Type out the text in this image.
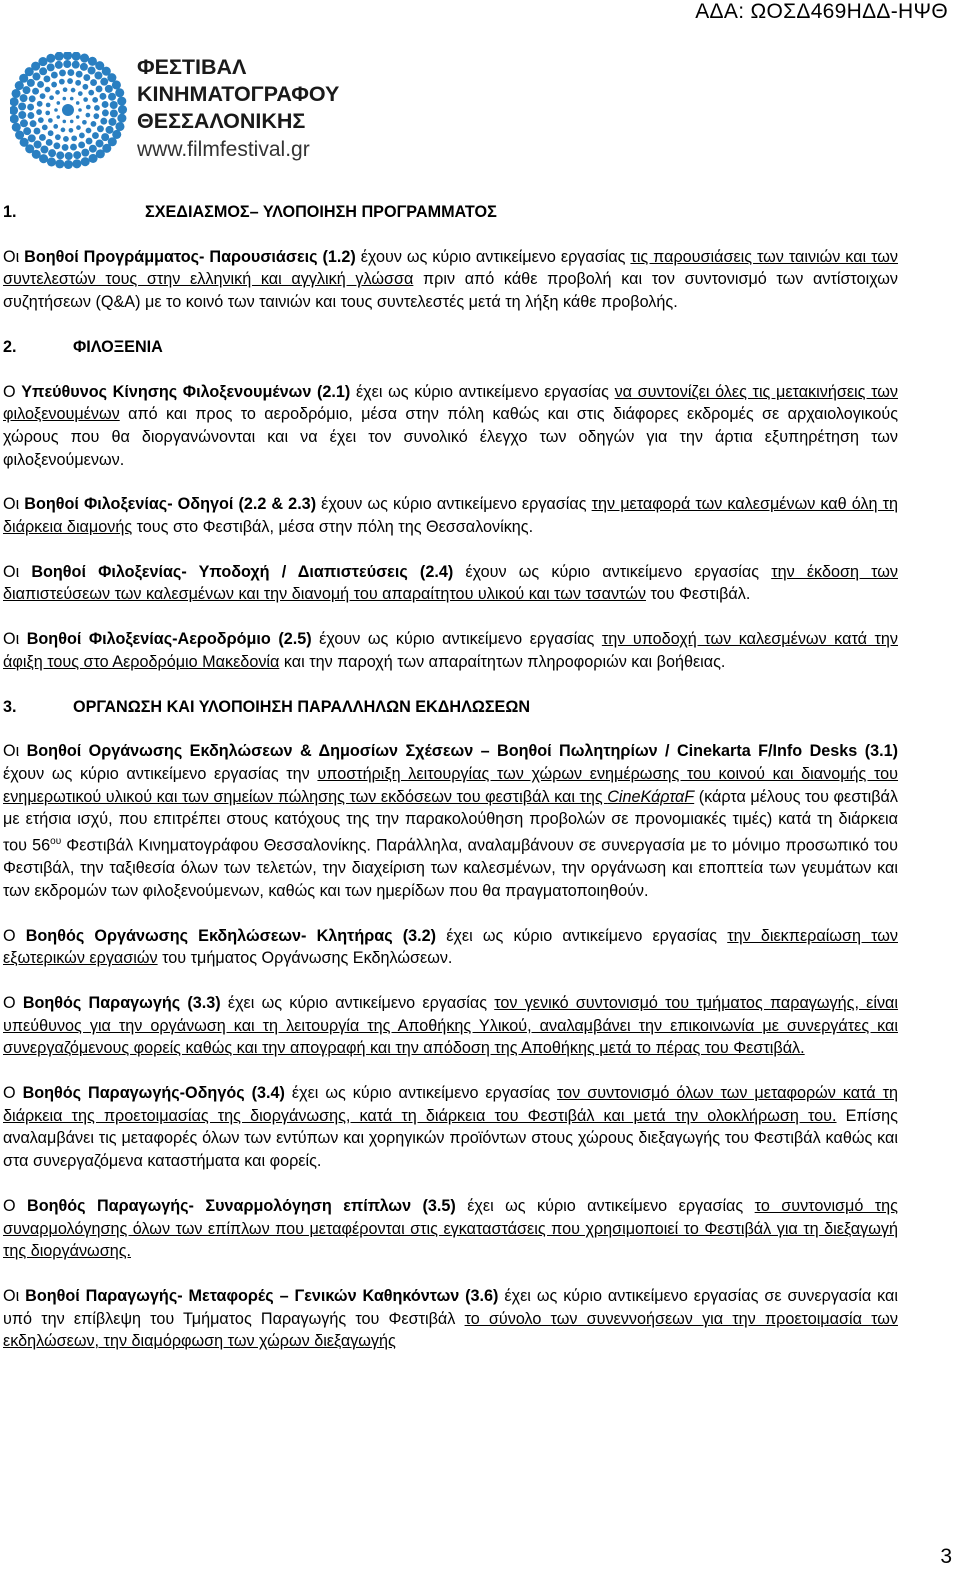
ΑΔΑ: ΩΟΣΔ469ΗΔΔ-ΗΨΘ
ΦΕΣΤΙΒΑΛ
ΚΙΝΗΜΑΤΟΓΡΑΦΟΥ
ΘΕΣΣΑΛΟΝΙΚΗΣ
www.filmfestival.gr
1.	ΣΧΕΔΙΑΣΜΟΣ– ΥΛΟΠΟΙΗΣΗ ΠΡΟΓΡΑΜΜΑΤΟΣ

Οι Βοηθοί Προγράμματος- Παρουσιάσεις (1.2) έχουν ως κύριο αντικείμενο εργασίας τις παρουσιάσεις των ταινιών και των συντελεστών τους στην ελληνική και αγγλική γλώσσα πριν από κάθε προβολή και τον συντονισμό των αντίστοιχων συζητήσεων (Q&A) με το κοινό των ταινιών και τους συντελεστές μετά τη λήξη κάθε προβολής.

2.	ΦΙΛΟΞΕΝΙΑ

Ο Υπεύθυνος Κίνησης Φιλοξενουμένων (2.1) έχει ως κύριο αντικείμενο εργασίας να συντονίζει όλες τις μετακινήσεις των φιλοξενουμένων από και προς το αεροδρόμιο, μέσα στην πόλη καθώς και στις διάφορες εκδρομές σε αρχαιολογικούς χώρους που θα διοργανώνονται και να έχει τον συνολικό έλεγχο των οδηγών για την άρτια εξυπηρέτηση των φιλοξενούμενων.

Οι Βοηθοί Φιλοξενίας- Οδηγοί (2.2 & 2.3) έχουν ως κύριο αντικείμενο εργασίας την μεταφορά των καλεσμένων καθ όλη τη διάρκεια διαμονής τους στο Φεστιβάλ, μέσα στην πόλη της Θεσσαλονίκης.

Οι Βοηθοί Φιλοξενίας- Υποδοχή / Διαπιστεύσεις (2.4) έχουν ως κύριο αντικείμενο εργασίας την έκδοση των διαπιστεύσεων των καλεσμένων και την διανομή του απαραίτητου υλικού και των τσαντών του Φεστιβάλ.

Οι Βοηθοί Φιλοξενίας-Αεροδρόμιο (2.5) έχουν ως κύριο αντικείμενο εργασίας την υποδοχή των καλεσμένων κατά την άφιξη τους στο Αεροδρόμιο Μακεδονία και την παροχή των απαραίτητων πληροφοριών και βοήθειας.

3.	ΟΡΓΑΝΩΣΗ ΚΑΙ ΥΛΟΠΟΙΗΣΗ ΠΑΡΑΛΛΗΛΩΝ ΕΚΔΗΛΩΣΕΩΝ

Οι Βοηθοί Οργάνωσης Εκδηλώσεων & Δημοσίων Σχέσεων – Βοηθοί Πωλητηρίων / Cinekarta F/Info Desks (3.1) έχουν ως κύριο αντικείμενο εργασίας την υποστήριξη λειτουργίας των χώρων ενημέρωσης του κοινού και διανομής του ενημερωτικού υλικού και των σημείων πώλησης των εκδόσεων του φεστιβάλ και της CineΚάρταF (κάρτα μέλους του φεστιβάλ με ετήσια ισχύ, που επιτρέπει στους κατόχους της την παρακολούθηση προβολών σε προνομιακές τιμές) κατά τη διάρκεια του $56^{o\upsilon}$ Φεστιβάλ Κινηματογράφου Θεσσαλονίκης. Παράλληλα, αναλαμβάνουν σε συνεργασία με το μόνιμο προσωπικό του Φεστιβάλ, την ταξιθεσία όλων των τελετών, την διαχείριση των καλεσμένων, την οργάνωση και εποπτεία των γευμάτων και των εκδρομών των φιλοξενούμενων, καθώς και των ημερίδων που θα πραγματοποιηθούν.

Ο Βοηθός Οργάνωσης Εκδηλώσεων- Κλητήρας (3.2) έχει ως κύριο αντικείμενο εργασίας την διεκπεραίωση των εξωτερικών εργασιών του τμήματος Οργάνωσης Εκδηλώσεων.

Ο Βοηθός Παραγωγής (3.3) έχει ως κύριο αντικείμενο εργασίας τον γενικό συντονισμό του τμήματος παραγωγής, είναι υπεύθυνος για την οργάνωση και τη λειτουργία της Αποθήκης Υλικού, αναλαμβάνει την επικοινωνία με συνεργάτες και συνεργαζόμενους φορείς καθώς και την απογραφή και την απόδοση της Αποθήκης μετά το πέρας του Φεστιβάλ.

Ο Βοηθός Παραγωγής-Οδηγός (3.4) έχει ως κύριο αντικείμενο εργασίας τον συντονισμό όλων των μεταφορών κατά τη διάρκεια της προετοιμασίας της διοργάνωσης, κατά τη διάρκεια του Φεστιβάλ και μετά την ολοκλήρωση του. Επίσης αναλαμβάνει τις μεταφορές όλων των εντύπων και χορηγικών προϊόντων στους χώρους διεξαγωγής του Φεστιβάλ καθώς και στα συνεργαζόμενα καταστήματα και φορείς.

Ο Βοηθός Παραγωγής- Συναρμολόγηση επίπλων (3.5) έχει ως κύριο αντικείμενο εργασίας το συντονισμό της συναρμολόγησης όλων των επίπλων που μεταφέρονται στις εγκαταστάσεις που χρησιμοποιεί το Φεστιβάλ για τη διεξαγωγή της διοργάνωσης.

Οι Βοηθοί Παραγωγής- Μεταφορές – Γενικών Καθηκόντων (3.6) έχει ως κύριο αντικείμενο εργασίας σε συνεργασία και υπό την επίβλεψη του Τμήματος Παραγωγής του Φεστιβάλ το σύνολο των συνεννοήσεων για την προετοιμασία των εκδηλώσεων, την διαμόρφωση των χώρων διεξαγωγής

3
